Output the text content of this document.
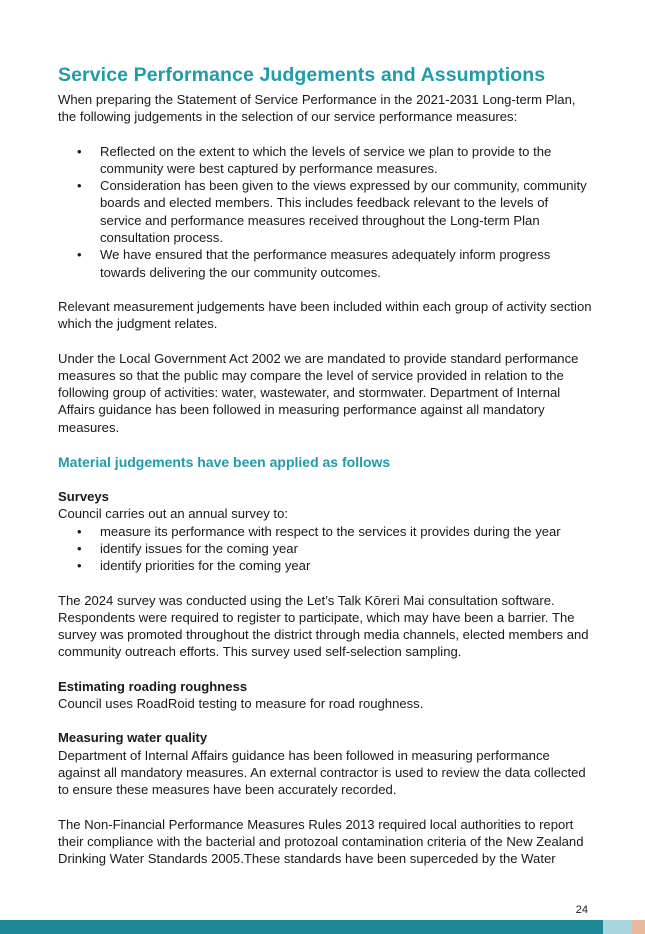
Service Performance Judgements and Assumptions

When preparing the Statement of Service Performance in the 2021-2031 Long-term Plan, the following judgements in the selection of our service performance measures:

• Reflected on the extent to which the levels of service we plan to provide to the community were best captured by performance measures.
• Consideration has been given to the views expressed by our community, community boards and elected members. This includes feedback relevant to the levels of service and performance measures received throughout the Long-term Plan consultation process.
• We have ensured that the performance measures adequately inform progress towards delivering the our community outcomes.

Relevant measurement judgements have been included within each group of activity section which the judgment relates.

Under the Local Government Act 2002 we are mandated to provide standard performance measures so that the public may compare the level of service provided in relation to the following group of activities: water, wastewater, and stormwater. Department of Internal Affairs guidance has been followed in measuring performance against all mandatory measures.

Material judgements have been applied as follows
Surveys

Council carries out an annual survey to:

• measure its performance with respect to the services it provides during the year
• identify issues for the coming year
• identify priorities for the coming year

The 2024 survey was conducted using the Let’s Talk Kōreri Mai consultation software. Respondents were required to register to participate, which may have been a barrier. The survey was promoted throughout the district through media channels, elected members and community outreach efforts. This survey used self-selection sampling.

Estimating roading roughness

Council uses RoadRoid testing to measure for road roughness.

Measuring water quality

Department of Internal Affairs guidance has been followed in measuring performance against all mandatory measures. An external contractor is used to review the data collected to ensure these measures have been accurately recorded.

The Non-Financial Performance Measures Rules 2013 required local authorities to report their compliance with the bacterial and protozoal contamination criteria of the New Zealand Drinking Water Standards 2005.These standards have been superceded by the Water

24
